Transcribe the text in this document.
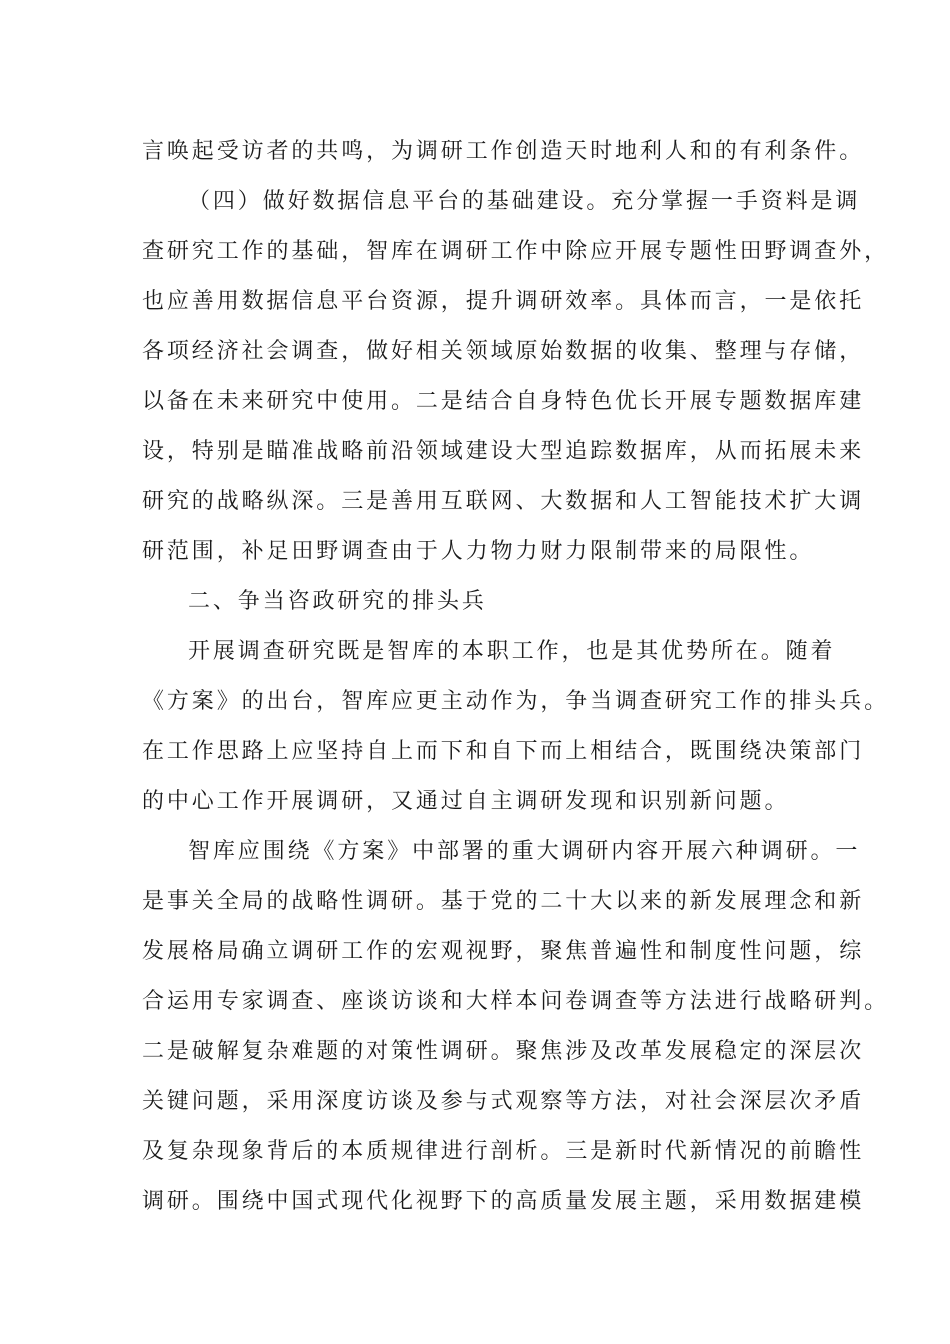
言唤起受访者的共鸣，为调研工作创造天时地利人和的有利条件。
（四）做好数据信息平台的基础建设。充分掌握一手资料是调
查研究工作的基础，智库在调研工作中除应开展专题性田野调查外，
也应善用数据信息平台资源，提升调研效率。具体而言，一是依托
各项经济社会调查，做好相关领域原始数据的收集、整理与存储，
以备在未来研究中使用。二是结合自身特色优长开展专题数据库建
设，特别是瞄准战略前沿领域建设大型追踪数据库，从而拓展未来
研究的战略纵深。三是善用互联网、大数据和人工智能技术扩大调
研范围，补足田野调查由于人力物力财力限制带来的局限性。
二、争当咨政研究的排头兵
开展调查研究既是智库的本职工作，也是其优势所在。随着
《方案》的出台，智库应更主动作为，争当调查研究工作的排头兵。
在工作思路上应坚持自上而下和自下而上相结合，既围绕决策部门
的中心工作开展调研，又通过自主调研发现和识别新问题。
智库应围绕《方案》中部署的重大调研内容开展六种调研。一
是事关全局的战略性调研。基于党的二十大以来的新发展理念和新
发展格局确立调研工作的宏观视野，聚焦普遍性和制度性问题，综
合运用专家调查、座谈访谈和大样本问卷调查等方法进行战略研判。
二是破解复杂难题的对策性调研。聚焦涉及改革发展稳定的深层次
关键问题，采用深度访谈及参与式观察等方法，对社会深层次矛盾
及复杂现象背后的本质规律进行剖析。三是新时代新情况的前瞻性
调研。围绕中国式现代化视野下的高质量发展主题，采用数据建模
